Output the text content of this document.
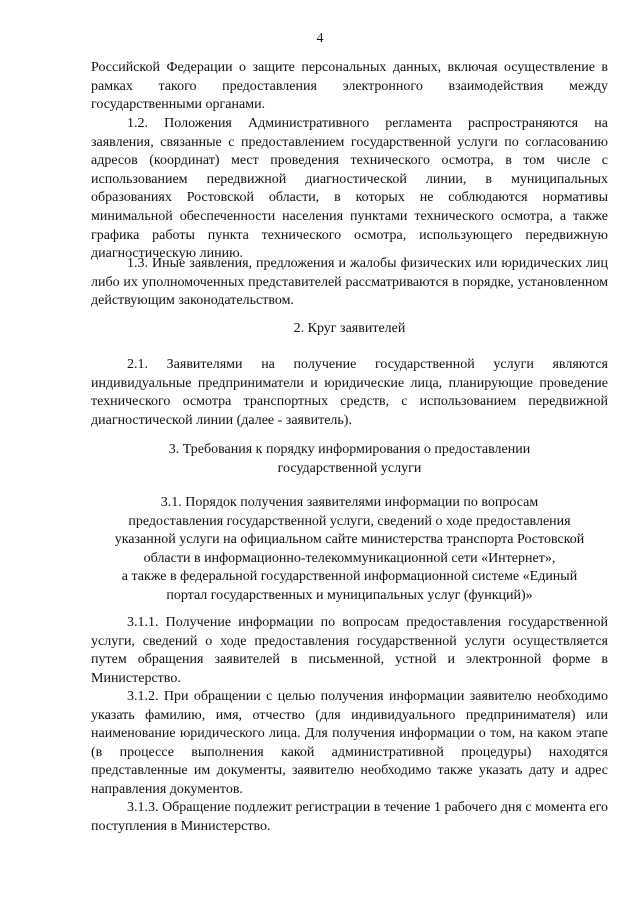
4
Российской Федерации о защите персональных данных, включая осуществление в рамках такого предоставления электронного взаимодействия между государственными органами.
1.2. Положения Административного регламента распространяются на заявления, связанные с предоставлением государственной услуги по согласованию адресов (координат) мест проведения технического осмотра, в том числе с использованием передвижной диагностической линии, в муниципальных образованиях Ростовской области, в которых не соблюдаются нормативы минимальной обеспеченности населения пунктами технического осмотра, а также графика работы пункта технического осмотра, использующего передвижную диагностическую линию.
1.3. Иные заявления, предложения и жалобы физических или юридических лиц либо их уполномоченных представителей рассматриваются в порядке, установленном действующим законодательством.
2. Круг заявителей
2.1. Заявителями на получение государственной услуги являются индивидуальные предприниматели и юридические лица, планирующие проведение технического осмотра транспортных средств, с использованием передвижной диагностической линии (далее - заявитель).
3. Требования к порядку информирования о предоставлении
государственной услуги
3.1. Порядок получения заявителями информации по вопросам
предоставления государственной услуги, сведений о ходе предоставления
указанной услуги на официальном сайте министерства транспорта Ростовской
области в информационно-телекоммуникационной сети «Интернет»,
а также в федеральной государственной информационной системе «Единый
портал государственных и муниципальных услуг (функций)»
3.1.1. Получение информации по вопросам предоставления государственной услуги, сведений о ходе предоставления государственной услуги осуществляется путем обращения заявителей в письменной, устной и электронной форме в Министерство.
3.1.2. При обращении с целью получения информации заявителю необходимо указать фамилию, имя, отчество (для индивидуального предпринимателя) или наименование юридического лица. Для получения информации о том, на каком этапе (в процессе выполнения какой административной процедуры) находятся представленные им документы, заявителю необходимо также указать дату и адрес направления документов.
3.1.3. Обращение подлежит регистрации в течение 1 рабочего дня с момента его поступления в Министерство.
